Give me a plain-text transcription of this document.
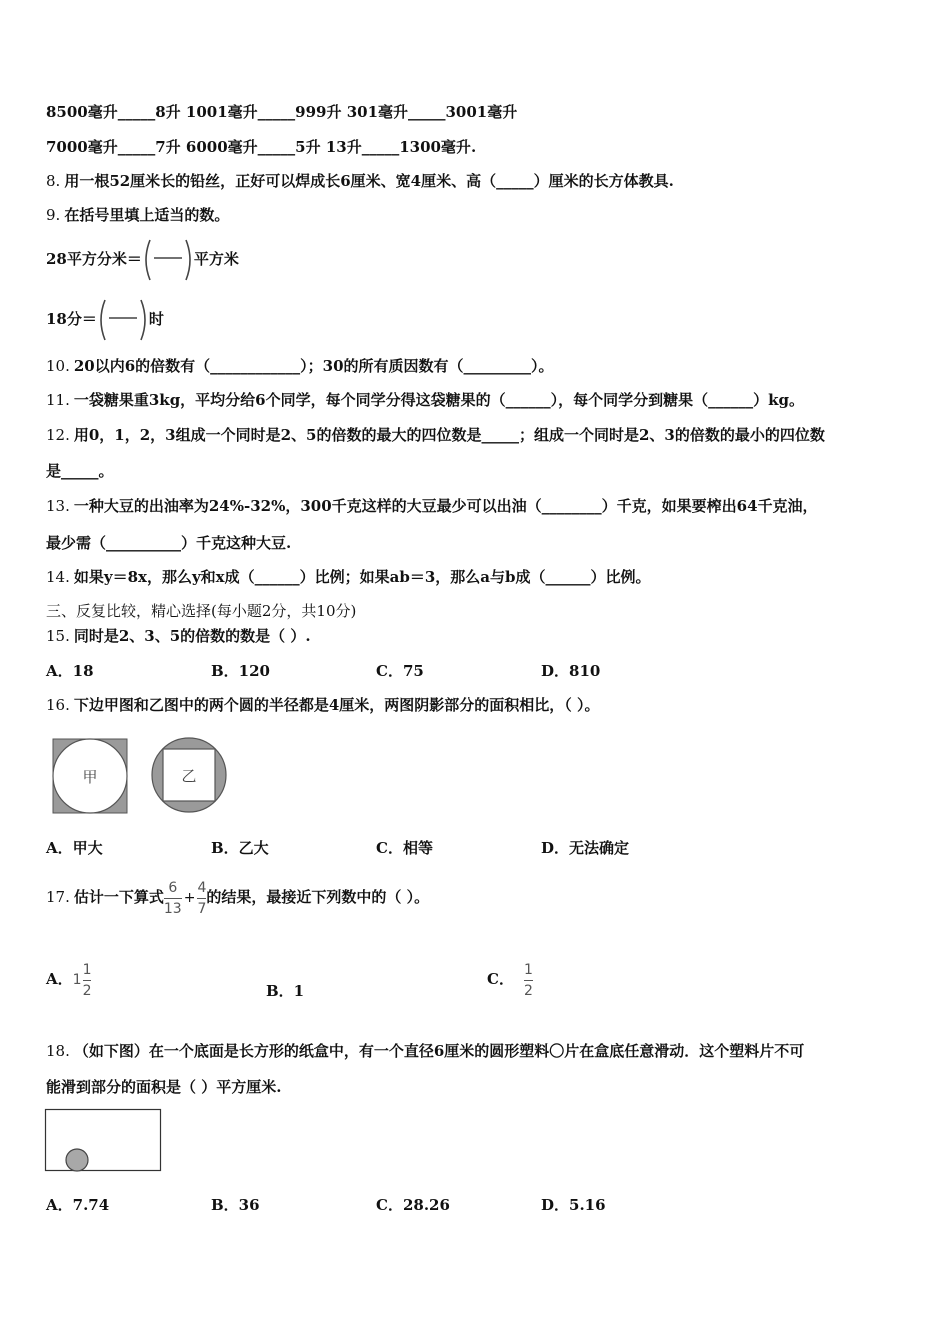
8500毫升_____8升 1001毫升_____999升 301毫升_____3001毫升
7000毫升_____7升 6000毫升_____5升 13升_____1300毫升.
8. 用一根52厘米长的铅丝，正好可以焊成长6厘米、宽4厘米、高（_____）厘米的长方体教具.
9. 在括号里填上适当的数。
28平方分米＝	平方米
18分＝	时
10. 20以内6的倍数有（____________）；30的所有质因数有（_________）。
11. 一袋糖果重3kg，平均分给6个同学，每个同学分得这袋糖果的（______），每个同学分到糖果（______）kg。
12. 用0，1，2，3组成一个同时是2、5的倍数的最大的四位数是_____；组成一个同时是2、3的倍数的最小的四位数
是_____。
13. 一种大豆的出油率为24%-32%，300千克这样的大豆最少可以出油（________）千克，如果要榨出64千克油，
最少需（__________）千克这种大豆.
14. 如果y＝8x，那么y和x成（______）比例；如果ab＝3，那么a与b成（______）比例。
三、反复比较，精心选择(每小题2分，共10分)
15. 同时是2、3、5的倍数的数是（ ）.
A．18	B．120	C．75	D．810
16. 下边甲图和乙图中的两个圆的半径都是4厘米，两图阴影部分的面积相比，（ ）。
甲	乙
A．甲大	B．乙大	C．相等	D．无法确定
17. 估计一下算式 $\frac{6}{13} + \frac{4}{7}$ 的结果，最接近下列数中的（ ）。
A． $1 \frac{1}{2}$	B．1
C． $\frac{1}{2}$
18. （如下图）在一个底面是长方形的纸盒中，有一个直径6厘米的圆形塑料〇片在盒底任意滑动．这个塑料片不可
能滑到部分的面积是（ ）平方厘米.
A．7.74	B．36	C．28.26	D．5.16
